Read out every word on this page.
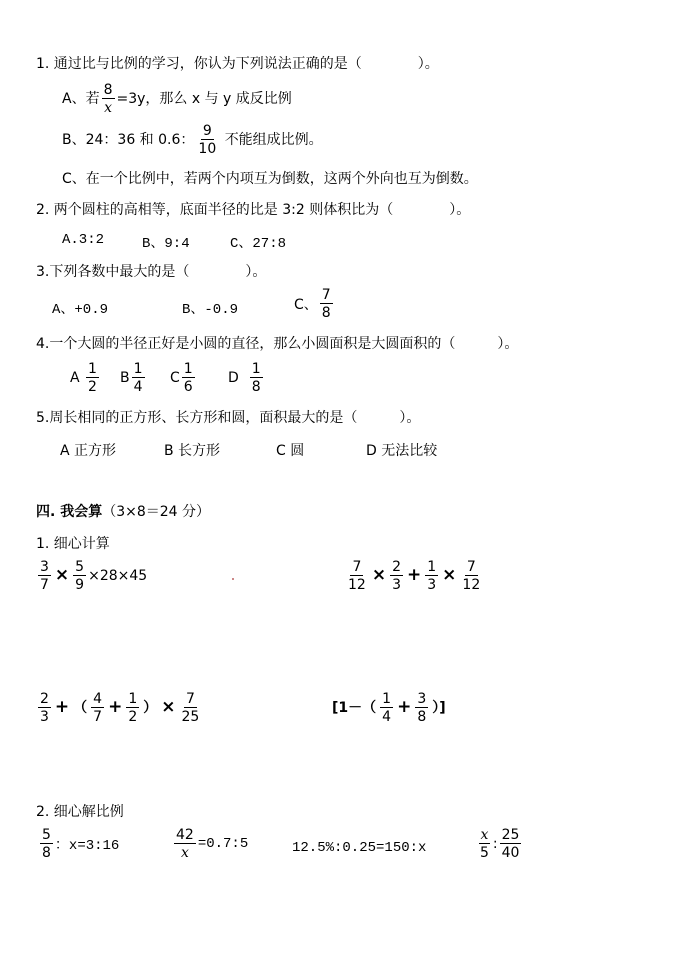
1. 通过比与比例的学习，你认为下列说法正确的是（　　　　）。
A、若 $\frac{8}{x} =3y$，那么 x 与 y 成反比例
B、24：36 和 0.6： $\frac{9}{10}$ 不能组成比例。
C、在一个比例中，若两个内项互为倒数，这两个外向也互为倒数。
2. 两个圆柱的高相等，底面半径的比是 3:2 则体积比为（　　　　）。
A.3:2	B、9:4	C、27:8
3.下列各数中最大的是（　　　　）。
A、+0.9	B、-0.9	C、 $\frac{7}{8}$
4.一个大圆的半径正好是小圆的直径，那么小圆面积是大圆面积的（　　　）。
A $\frac{1}{2}$ B $\frac{1}{4}$ C $\frac{1}{6}$ D $\frac{1}{8}$
5.周长相同的正方形、长方形和圆，面积最大的是（　　　）。
A 正方形	B 长方形	C 圆	D 无法比较
四. 我会算（3×8＝24 分）
1. 细心计算
$\frac{3}{7} \times \frac{5}{9} \times 28\times 45$	$\frac{7}{12} \times \frac{2}{3} + \frac{1}{3} \times \frac{7}{12}$
$\frac{2}{3}$ + （ $\frac{4}{7} + \frac{1}{2}$ ） × $\frac{7}{25}$	[$1-( \frac{1}{4} + \frac{3}{8}$ ）]
2. 细心解比例
$\frac{5}{8}$ ：x=3:16	$\frac{42}{x}$ =0.7:5	12.5%:0.25=150:x	$\frac{x}{5}$ : $\frac{25}{40}$
